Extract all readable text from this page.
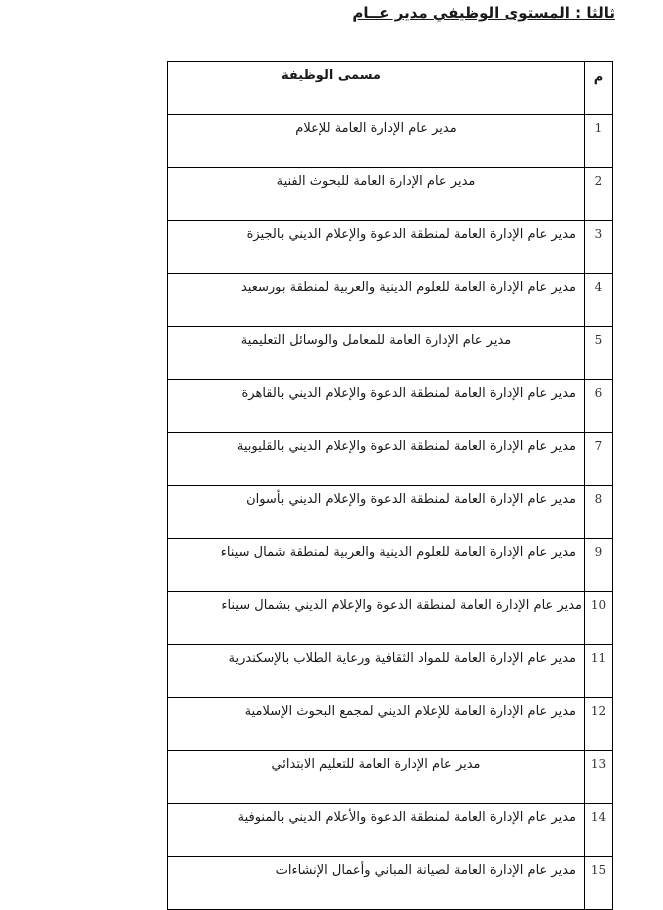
ثالثا : المستوى الوظيفي مدير عــام
م	مسمى الوظيفة
1	مدير عام الإدارة العامة للإعلام
2	مدير عام الإدارة العامة للبحوث الفنية
3	مدير عام الإدارة العامة لمنطقة الدعوة والإعلام الديني بالجيزة
4	مدير عام الإدارة العامة للعلوم الدينية والعربية لمنطقة بورسعيد
5	مدير عام الإدارة العامة للمعامل والوسائل التعليمية
6	مدير عام الإدارة العامة لمنطقة الدعوة والإعلام الديني بالقاهرة
7	مدير عام الإدارة العامة لمنطقة الدعوة والإعلام الديني بالقليوبية
8	مدير عام الإدارة العامة لمنطقة الدعوة والإعلام الديني بأسوان
9	مدير عام الإدارة العامة للعلوم الدينية والعربية لمنطقة شمال سيناء
10	مدير عام الإدارة العامة لمنطقة الدعوة والإعلام الديني بشمال سيناء
11	مدير عام الإدارة العامة للمواد الثقافية ورعاية الطلاب بالإسكندرية
12	مدير عام الإدارة العامة للإعلام الديني لمجمع البحوث الإسلامية
13	مدير عام الإدارة العامة للتعليم الابتدائي
14	مدير عام الإدارة العامة لمنطقة الدعوة والأعلام الديني بالمنوفية
15	مدير عام الإدارة العامة لصيانة المباني وأعمال الإنشاءات
